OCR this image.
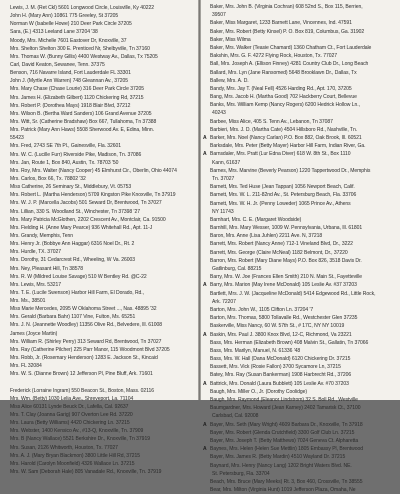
Lewis, J. M. (Ret Ckl) 5601 Longwood Circle, Louisville, Ky 40222
John H. (Mary Ann) 10861 775 Greeley, St 37205
Norman W (Isabelle Howe) 210 Deer Park Circle 37205
Sara, (E.) 4313 Leeland Lane 37204 '38
Moody, Mrs. Michelle 7601 Eastover Dr, Knoxville, 37
Mrs. Shelton Shelton 300 E. Prenticed Nr, Shelbyville, Tn 37160
Mrs. Thomas W. (Bunny Gillis) 4400 Westway Av., Dallas, Tx 75205
Carl, David Keaton, Sewanee, Tenn. 37375
Benson, 716 Navarre Island, Fort Lauderdale FL 33301
John J. (Myrtle Ann Warren) 748 Gleannan Av., 37205
Mrs. Mary Chase (Chase Lourie) 316 Deer Park Circle 37205
Mrs. James H. (Elizabeth Gilbert) 1120 Chickering Rd, 37215
Mrs. Robert P. (Dorothea Mays) 1918 Blair Blvd, 37212
Mrs. Wilson B. (Bertha Ward Sanders) 106 Grand Avenue 37205
Mrs. Witt, Sr. (Catherine Bradshaw) Box 667, Tullahoma, Tn 37388
Mrs. Patrick (Mary Ann Haws) 5508 Sherwood Av. E, Edina, Minn.
55423
Mrs. Fred, 2743 SE 7th Pl., Gainesville, Fla. 32601
Mrs. W. C. (Lucille Furr) Riverside Pike, Madison, Tn. 37086
Mrs. Jan, Route 1, Box 840, Austin, Tx. 78703 '50
Mrs. Roy, Mrs. Walter (Nancy Cooper) 45 Elmhurst Cir., Oberlin, Ohio 44074
Mrs. Carlos, Box 66, Tx. 78802 '32
Miss Catherine, 26 Seminary St., Middlebury, Vt. 05753
Mrs. Robert L. (Martha Henderson) 5709 Kingston Pike Knoxville, Tn 37919
Mrs. W. J. P. (Marcella Jacobs) 501 Seward Dr, Brentwood, Tn 37027
Mrs. Lillian, 330 S. Woodland St., Winchester, Tn 37398 '27
Mrs. Mary Patricia McGlothen, 2202 Crescent Av., Montclair, Ca. 91500
Mrs. Fielding H. (Anne Mary Pearce) 936 Whitehall Rd., Apt. 11-J
Mrs. Grandy, Memphis, Tenn
Mrs. Henry Jr. (Bobbye Ann Haggar) 6316 Noel Dr., Rt. 2
Mrs. Hurdle, TX. 37027
Mrs. Dorothy, 31 Cedarcrest Rd., Wheeling, W Va. 26003
Mrs. Ney, Pleasant Hill, Tn 38578
Mrs. R. W (Mildred Louise Savage) 510 W Bentley Rd. @C-22
Mrs. Lewis, Mrs. 53217
Mrs. T. E. (Lucile Swenson) Harbor Hill Farm, El Dorado, Rd.,
Mrs. Ms., 38501
Miss Marie Mercedes, 2095 W Oklahoma Street ..., Nas. 48895 '32
Mrs. Gerald (Barbara Bahr) 1107 Vine, Fulton, Ms. 65251
Mrs. J. N. (Jeannette Woodley) 11356 Olive Rd., Belvedere, Ill. 61008
James (Joyce Martin)
Mrs. William R. (Shirley Perry) 313 Seward Rd, Brentwood, Tn 37027
Mrs. Ray (Catherine Pilcher) 225 Parr Manor, 115 Woodmont Blvd 37205
Mrs. Robb, Jr. (Rosemary Henderson) 1283 E. Jackson St., Kincaid
Mrs. FL 32084
Mrs. W. S. (Dianne Brown) 12 Jefferson Pl, Pine Bluff, Ark. 71601
Frederick (Lorraine Ingram) 550 Beacon St., Boston, Mass. 02116
Mrs. Wm. (Betty) 1030 Lelia Ave., Shreveport, La. 71104
Miss Alice 60131 Lynde Beuck Dr., Lafella, Cal. 92637
Mrs. T. Clay (Joanna Garig) 907 Overton Lee Rd. 37220
Mrs. Laura (Betty Williams) 4420 Chickering Ln. 37215
Mrs. Webster, 1400 Kensico Av., #13-Q, Knoxville, Tn. 37909
Mrs. B (Nancy Wallace) 5521 Berkshire Dr., Knoxville, Tn 37919
Mrs. Susan, 2126 Whitworth, Houston, Tx. 77027
Mrs. A. J. (Mary Bryan Blackmon) 3800 Little Hill Rd, 37215
Mrs. Harold (Carolyn Moonfield) 4326 Wallace Ln. 37215
Mrs. W. Sam (Deborah Hale) 805 Vanadale Rd., Knoxville, Tn. 37919
Baker, Mrs. John B. (Virginia Cochran) 608 52nd S., Box 115, Berrien,
39507
Baker, Miss Margaret, 1233 Barnett Lane, Vincennes, Ind. 47591
Baker, Mrs. Robert (Betty Kinsel) P. O. Box 819, Columbus, Ga. 31902
Baker, Miss Wilma
Baker, Mrs. Walker (Teasie Chamard) 1360 Chatham Ct., Fort Lauderdale
Bakshin, Mrs. G. F. 4272 Flying Rock, Houston, Tx. 77027
Ball, Mrs. Joseph A. (Ellison Finney) 4281 Country Club Dr., Long Beach
Ballard, Mrs. Lyn (Jane Ransomed) 5648 Brooklawn Dr., Dallas, Tx
Ballew, Mrs. A. D.
Bandy, Mrs. Jay T. (Neal Fell) 4526 Harding Rd., Apt. 170, 37205
Bang, Mrs. Jacob H. (Martha Good) 702 Hackberry Court, Bellevue
Banks, Mrs. William Kemp (Nancy Rogers) 6200 Hedrick Hollow Ln.,
40243
Barbee, Miss Alice, 405 S. Tenn Av., Lebanon, Tn 37087
Barbieri, Mrs. J. D. (Martha Cate) 4504 Hillsboro Rd., Nashville, Tn.
A Barker, Mrs. Noel (Nancy Carlan) P.O. Box 882, Oak Brook, Ill. 60521
Barksdale, Mrs. Peter (Betty Mayer) Harbor Hill Farm, Indian River, Ga.
A Barnsdaler, Mrs. Pratt (Lur Edna Diver) 618 W. 8th St., Box 1110
Kann, 61637
Barnes, Mrs. Marvine (Beverly Pearson) 1220 Tappertwood Dr., Memphis
Tn. 37027
Barnett, Mrs. Ted Huse (Jean Tappan) 1056 Newport Beach, Calif.
Barnett, Mrs. W. L. 211-82nd Av., St. Petersburg Beach, Fla. 33706
Barnett, Mrs. W. H. Jr. (Penny Loweder) 1065 Prince Av., Athens
NY 11743
Barnhart, Mrs. C. E. (Margaret Woodside)
Barnhill, Mrs. Mary Wesser, 1009 W. Pennsylvania, Urbana, Ill. 61801
Baron, Mrs. Anne (Lisa Juhlen) 2211 Ave. N, 37218
Barrett, Mrs. Robert (Nancy Anne) 712-1 Vineland Blvd, Dr., 3222
Barrett, Mrs. George (Claire McNeal) 1182 Belmont, Dr., 37220
Barron, Mrs. Robert (Mary Diane Mays) P.O. Box 826, 3518 Davis Dr.
Gatlinburg, Cal. 88215
Barry, Mrs. W. Joe (Frances Ellen Smith) 210 N. Main St., Fayetteville
A Barry, Mrs. Marion (May Irene McDonald) 105 Leslie Av. #37 37203
Bartlett, Mrs. J. W. (Jacqueline McDonald) 5414 Edgewood Rd., Little Rock,
Ark. 72207
Barton, Mrs. John W., 1105 Clifton Ln. 37204 '7
Barton, Mrs. Thomas, 5800 Tollavalle Rd., Westchester Glen 37235
Baskerville, Miss Nancy, 60 W. 57th St., # 17C, NY NY 10019
A Baskin, Mrs. Paul J. 3800 Knox Blvd, 12-C, Richmond, Va 23221
Bass, Mrs. Herman (Elizabeth Brown) 408 Malvin St., Gallatin, Tn 37066
Bass, Mrs. Marilyn, Manuel, N. 61336 '48
Bass, Mrs. W. Hall (Dana McDonald) 6120 Chickering Dr. 37215
Bassett, Mrs. Vick (Rosie Fallon) 3700 Sycamore Ln, 37215
Batey, Mrs. Ray (Susan Bankerman) 1908 Harbrecht Rd., 37206
A Battrick, Mrs. Donald (Laura Bubblett) 105 Leslie Av. #70 37203
Baugh, Mrs. Miller O., Jr. (Dorothy Coolidge)
Baugh, Mrs. Raymond (Eleanor Lindstrom) 32 S. Boll Rd., Westville
Baumgardner, Mrs. Howard (Jean Karney) 2402 Tamarisk Ct., 37100
Carlsbad, Cal. 92008
A Bayer, Mrs. Seth (Mary Wright) 4609 Barbara Dr., Knoxville, Tn 37918
Bayer, Mrs. Robert (Glenda Crutchfield) 3300 Golf Club Ln. 37215
Bayer, Mrs. Joseph T. (Betty Matthews) 7024 Geneva Ct. Alpharetta
A Baynes, Mrs. Helen (Helen Sue Mettlin) 1805 Embassy Pl, Brentwood
Bayer, Mrs. James R. (Betty Mardin) 4510 Wayland Dr. 37215
Baynard, Mrs. Henry (Nancy Lang) 1202 Bright Waters Blvd. NE.
St. Petersburg, Fla. 33704
Beach, Mrs. Bruce (Mary Meeks) Rt. 3, Box 460, Crossville, Tn 38555
Bear, Mrs. Milton (Virginia Hunt) 1019 Jefferson Plaza, Omaha, Ne
